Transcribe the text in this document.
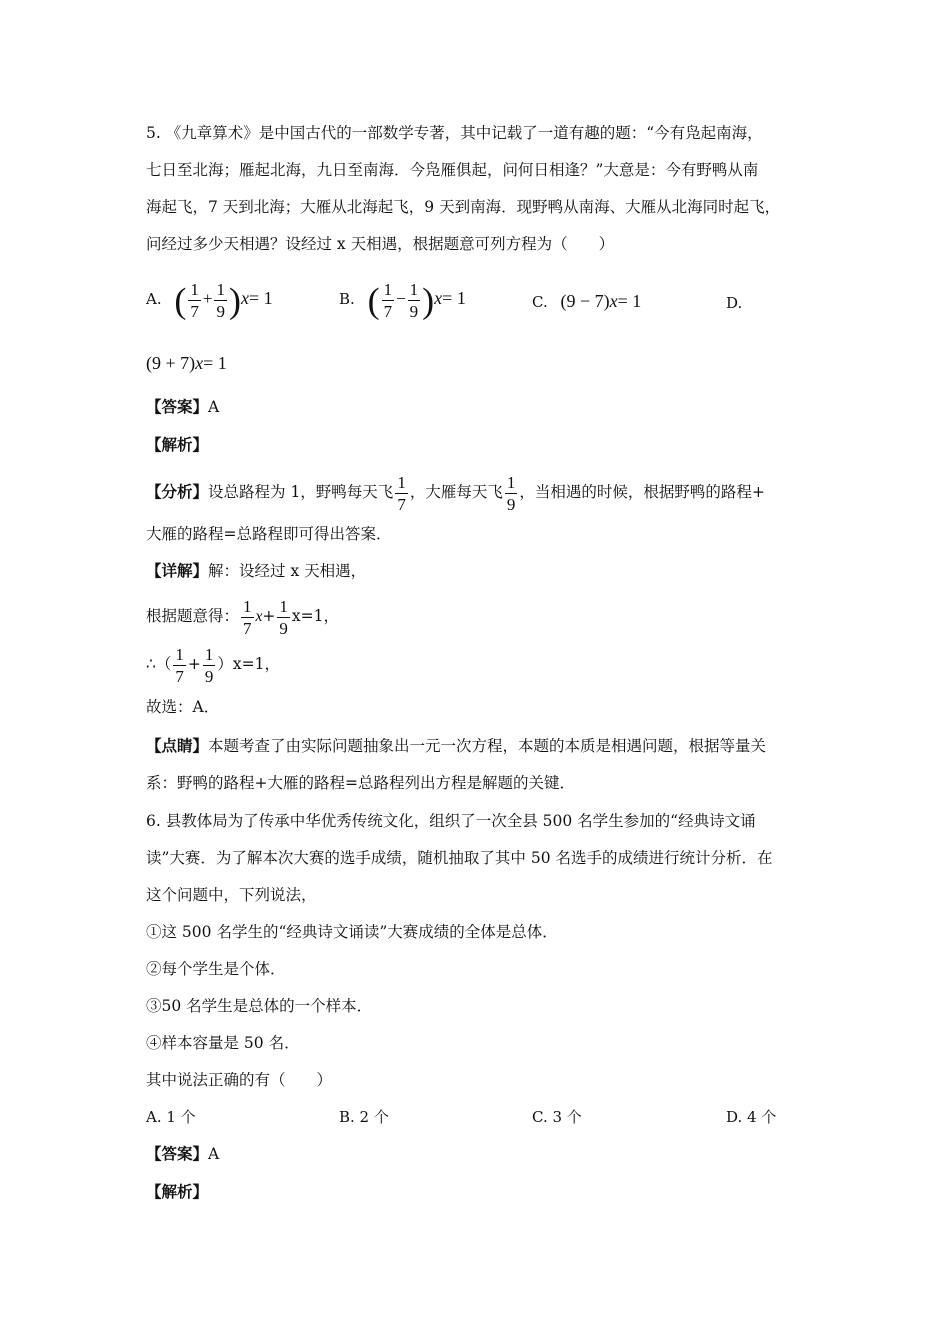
5. 《九章算术》是中国古代的一部数学专著，其中记载了一道有趣的题：“今有凫起南海，
七日至北海；雁起北海，九日至南海．今凫雁俱起，问何日相逢？”大意是：今有野鸭从南
海起飞，7 天到北海；大雁从北海起飞，9 天到南海．现野鸭从南海、大雁从北海同时起飞，
问经过多少天相遇？设经过 x 天相遇，根据题意可列方程为（　　）
A. ( $\frac{1}{7} + \frac{1}{9} )x= 1$	B. ( $\frac{1}{7} - \frac{1}{9} )x= 1$	C. (9 − 7)x= 1	D.
(9 + 7)x= 1
【答案】A
【解析】
【分析】设总路程为 1，野鸭每天飞 $\frac{1}{7}$ ，大雁每天飞 $\frac{1}{9}$ ，当相遇的时候，根据野鸭的路程+
大雁的路程=总路程即可得出答案．
【详解】解：设经过 x 天相遇，
根据题意得： $\frac{1}{7} x+ \frac{1}{9} x=1$，
∴（ $\frac{1}{7} + \frac{1}{9} )x=1$，
故选：A．
【点睛】本题考查了由实际问题抽象出一元一次方程，本题的本质是相遇问题，根据等量关
系：野鸭的路程+大雁的路程=总路程列出方程是解题的关键．
6. 县教体局为了传承中华优秀传统文化，组织了一次全县 500 名学生参加的“经典诗文诵
读”大赛．为了解本次大赛的选手成绩，随机抽取了其中 50 名选手的成绩进行统计分析．在
这个问题中，下列说法，
①这 500 名学生的“经典诗文诵读”大赛成绩的全体是总体．
②每个学生是个体．
③50 名学生是总体的一个样本．
④样本容量是 50 名．
其中说法正确的有（　　）
A. 1 个	B. 2 个	C. 3 个	D. 4 个
【答案】A
【解析】
